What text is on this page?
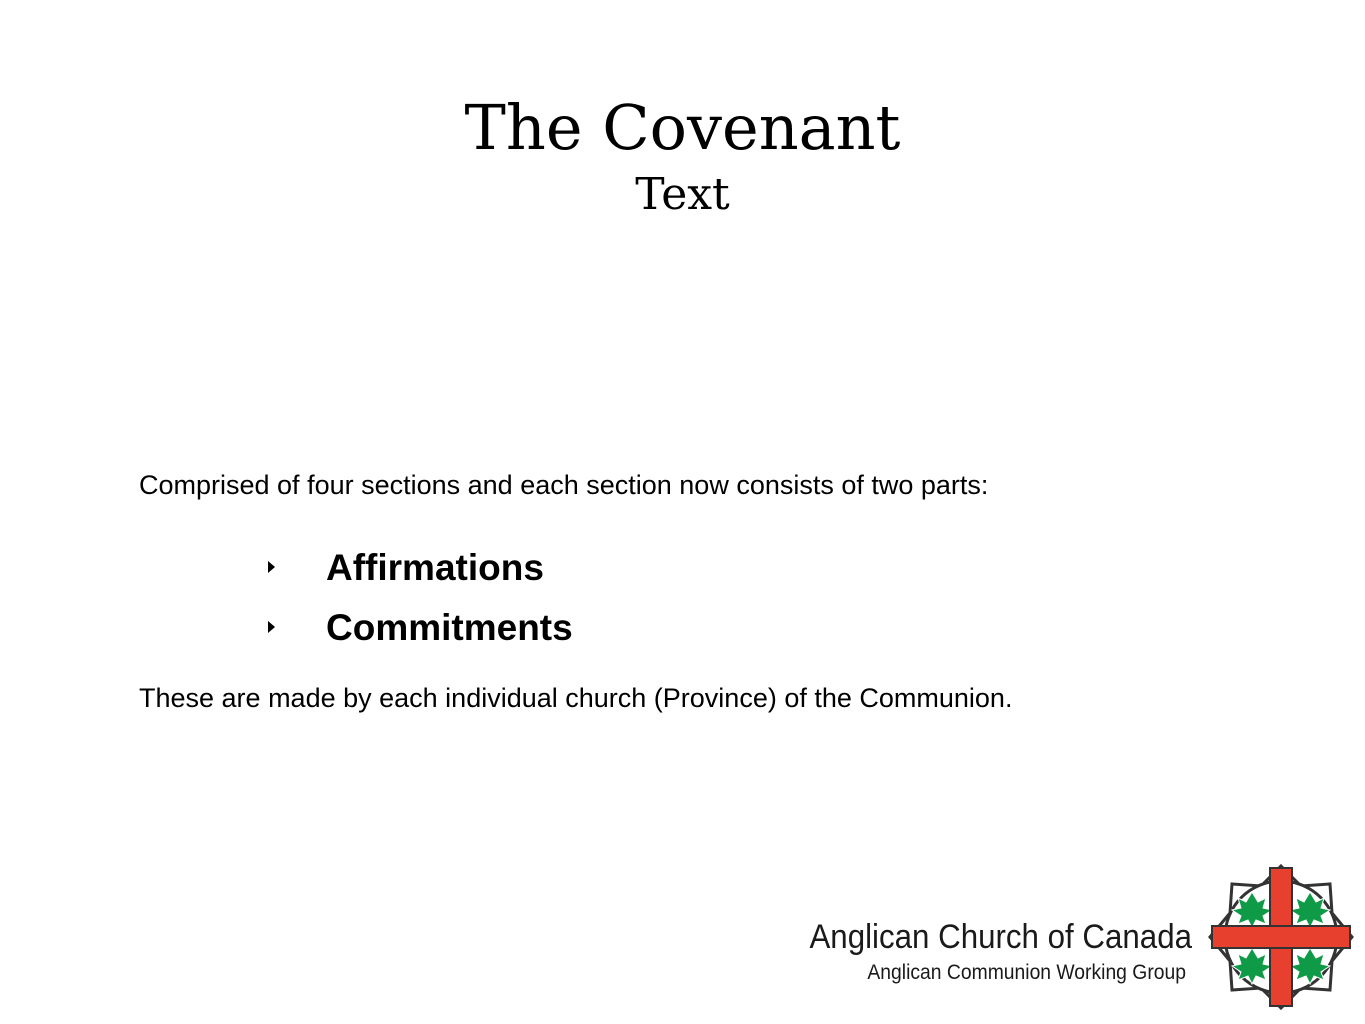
The Covenant
Text
Comprised of four sections and each section now consists of two parts:
Affirmations
Commitments
These are made by each individual church (Province) of the Communion.
Anglican Church of Canada
Anglican Communion Working Group
